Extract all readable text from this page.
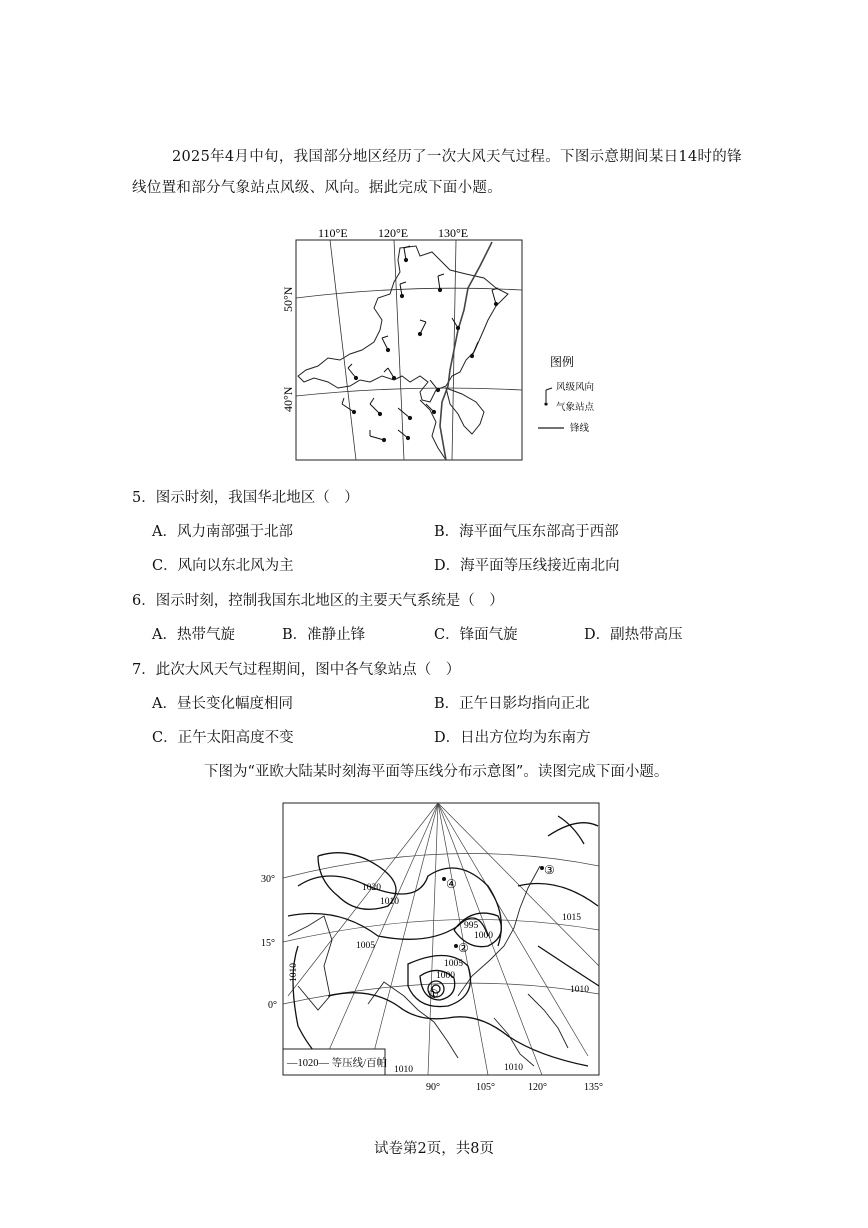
2025年4月中旬，我国部分地区经历了一次大风天气过程。下图示意期间某日14时的锋线位置和部分气象站点风级、风向。据此完成下面小题。
110°E	120°E 130°E
50°N
40°N
图例
风级风向
气象站点
锋线
5．图示时刻，我国华北地区（　）
A．风力南部强于北部	B．海平面气压东部高于西部
C．风向以东北风为主	D．海平面等压线接近南北向
6．图示时刻，控制我国东北地区的主要天气系统是（　）
A．热带气旋	B．准静止锋	C．锋面气旋	D．副热带高压
7．此次大风天气过程期间，图中各气象站点（　）
A．昼长变化幅度相同	B．正午日影均指向正北
C．正午太阳高度不变	D．日出方位均为东南方
下图为“亚欧大陆某时刻海平面等压线分布示意图”。读图完成下面小题。
1020
1010
1005
995
1000
1005
1000
1015
1010
1010
1010
1010
④
③
②
①
30°
15°
0°
90°	105°	120°	135°
—1020— 等压线/百帕
试卷第2页，共8页
